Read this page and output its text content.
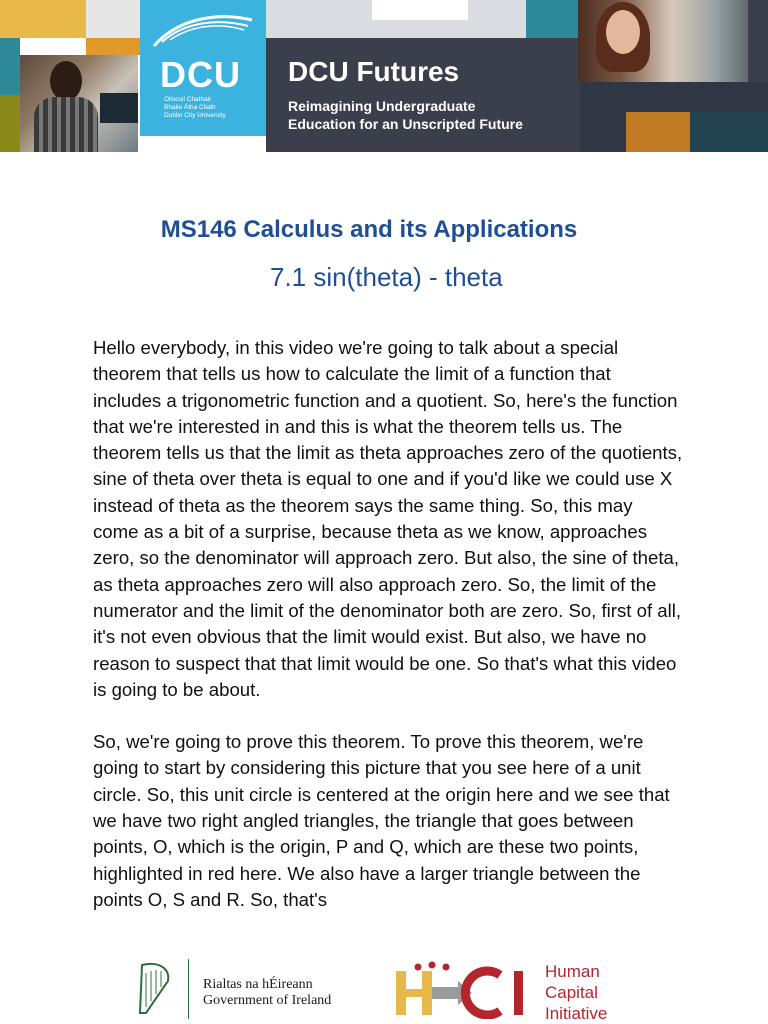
DCU
Ollscoil Chathair
Bhaile Átha Cliath
Dublin City University
DCU Futures
Reimagining Undergraduate
Education for an Unscripted Future
MS146 Calculus and its Applications
7.1 sin(theta) - theta

Hello everybody, in this video we're going to talk about a special theorem that tells us how to calculate the limit of a function that includes a trigonometric function and a quotient. So, here's the function that we're interested in and this is what the theorem tells us. The theorem tells us that the limit as theta approaches zero of the quotients, sine of theta over theta is equal to one and if you'd like we could use X instead of theta as the theorem says the same thing. So, this may come as a bit of a surprise, because theta as we know, approaches zero, so the denominator will approach zero. But also, the sine of theta, as theta approaches zero will also approach zero. So, the limit of the numerator and the limit of the denominator both are zero. So, first of all, it's not even obvious that the limit would exist. But also, we have no reason to suspect that that limit would be one. So that's what this video is going to be about.

So, we're going to prove this theorem. To prove this theorem, we're going to start by considering this picture that you see here of a unit circle. So, this unit circle is centered at the origin here and we see that we have two right angled triangles, the triangle that goes between points, O, which is the origin, P and Q, which are these two points, highlighted in red here. We also have a larger triangle between the points O, S and R. So, that's

Rialtas na hÉireann
Government of Ireland
Human
Capital
Initiative
